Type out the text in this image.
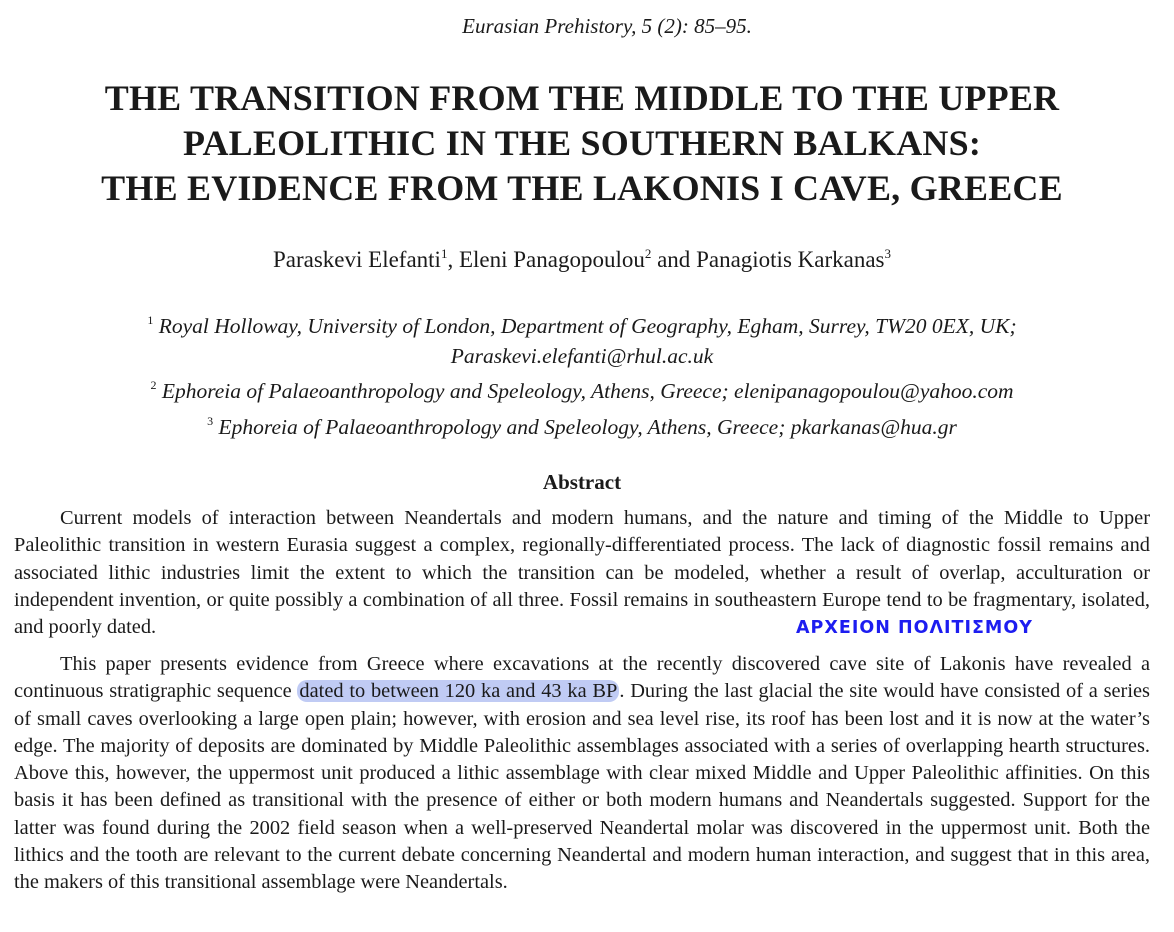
Eurasian Prehistory, 5 (2): 85–95.
THE TRANSITION FROM THE MIDDLE TO THE UPPER
PALEOLITHIC IN THE SOUTHERN BALKANS:
THE EVIDENCE FROM THE LAKONIS I CAVE, GREECE
Paraskevi Elefanti$^1$, Eleni Panagopoulou$^2$ and Panagiotis Karkanas$^3$
$^1$ Royal Holloway, University of London, Department of Geography, Egham, Surrey, TW20 0EX, UK;
Paraskevi.elefanti@rhul.ac.uk
$^2$ Ephoreia of Palaeoanthropology and Speleology, Athens, Greece; elenipanagopoulou@yahoo.com
$^3$ Ephoreia of Palaeoanthropology and Speleology, Athens, Greece; pkarkanas@hua.gr
Abstract
Current models of interaction between Neandertals and modern humans, and the nature and timing of the Middle to Upper Paleolithic transition in western Eurasia suggest a complex, regionally-differentiated process. The lack of diagnostic fossil remains and associated lithic industries limit the extent to which the transition can be modeled, whether a result of overlap, acculturation or independent invention, or quite possibly a combination of all three. Fossil remains in southeastern Europe tend to be fragmentary, isolated, and poorly dated.	ΑΡΧΕΙΟΝ ΠΟΛΙΤΙΣΜΟΥ
This paper presents evidence from Greece where excavations at the recently discovered cave site of Lakonis have revealed a continuous stratigraphic sequence dated to between 120 ka and 43 ka BP. During the last glacial the site would have consisted of a series of small caves overlooking a large open plain; however, with erosion and sea level rise, its roof has been lost and it is now at the water’s edge. The majority of deposits are dominated by Middle Paleolithic assemblages associated with a series of overlapping hearth structures. Above this, however, the uppermost unit produced a lithic assemblage with clear mixed Middle and Upper Paleolithic affinities. On this basis it has been defined as transitional with the presence of either or both modern humans and Neandertals suggested. Support for the latter was found during the 2002 field season when a well-preserved Neandertal molar was discovered in the uppermost unit. Both the lithics and the tooth are relevant to the current debate concerning Neandertal and modern human interaction, and suggest that in this area, the makers of this transitional assemblage were Neandertals.
